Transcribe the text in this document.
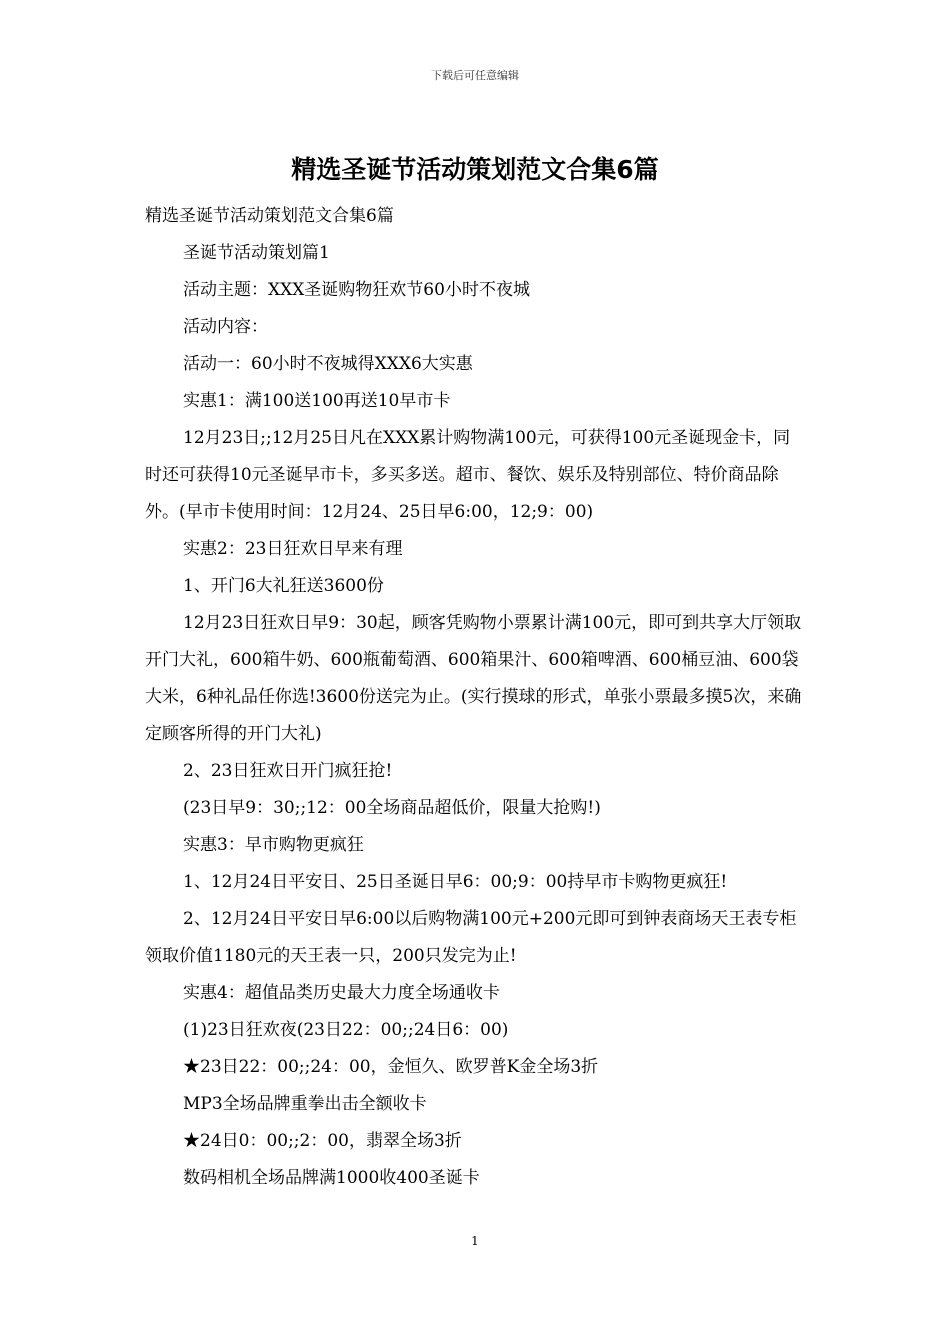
下载后可任意编辑
精选圣诞节活动策划范文合集6篇

精选圣诞节活动策划范文合集6篇

圣诞节活动策划篇1

活动主题：XXX圣诞购物狂欢节60小时不夜城

活动内容：

活动一：60小时不夜城得XXX6大实惠

实惠1：满100送100再送10早市卡

12月23日;;12月25日凡在XXX累计购物满100元，可获得100元圣诞现金卡，同时还可获得10元圣诞早市卡，多买多送。超市、餐饮、娱乐及特别部位、特价商品除外。(早市卡使用时间：12月24、25日早6:00，12;9：00)

实惠2：23日狂欢日早来有理

1、开门6大礼狂送3600份

12月23日狂欢日早9：30起，顾客凭购物小票累计满100元，即可到共享大厅领取开门大礼，600箱牛奶、600瓶葡萄酒、600箱果汁、600箱啤酒、600桶豆油、600袋大米，6种礼品任你选!3600份送完为止。(实行摸球的形式，单张小票最多摸5次，来确定顾客所得的开门大礼)

2、23日狂欢日开门疯狂抢!

(23日早9：30;;12：00全场商品超低价，限量大抢购!)

实惠3：早市购物更疯狂

1、12月24日平安日、25日圣诞日早6：00;9：00持早市卡购物更疯狂!

2、12月24日平安日早6:00以后购物满100元+200元即可到钟表商场天王表专柜领取价值1180元的天王表一只，200只发完为止!

实惠4：超值品类历史最大力度全场通收卡

(1)23日狂欢夜(23日22：00;;24日6：00)

★23日22：00;;24：00，金恒久、欧罗普K金全场3折

MP3全场品牌重拳出击全额收卡

★24日0：00;;2：00，翡翠全场3折

数码相机全场品牌满1000收400圣诞卡

1
